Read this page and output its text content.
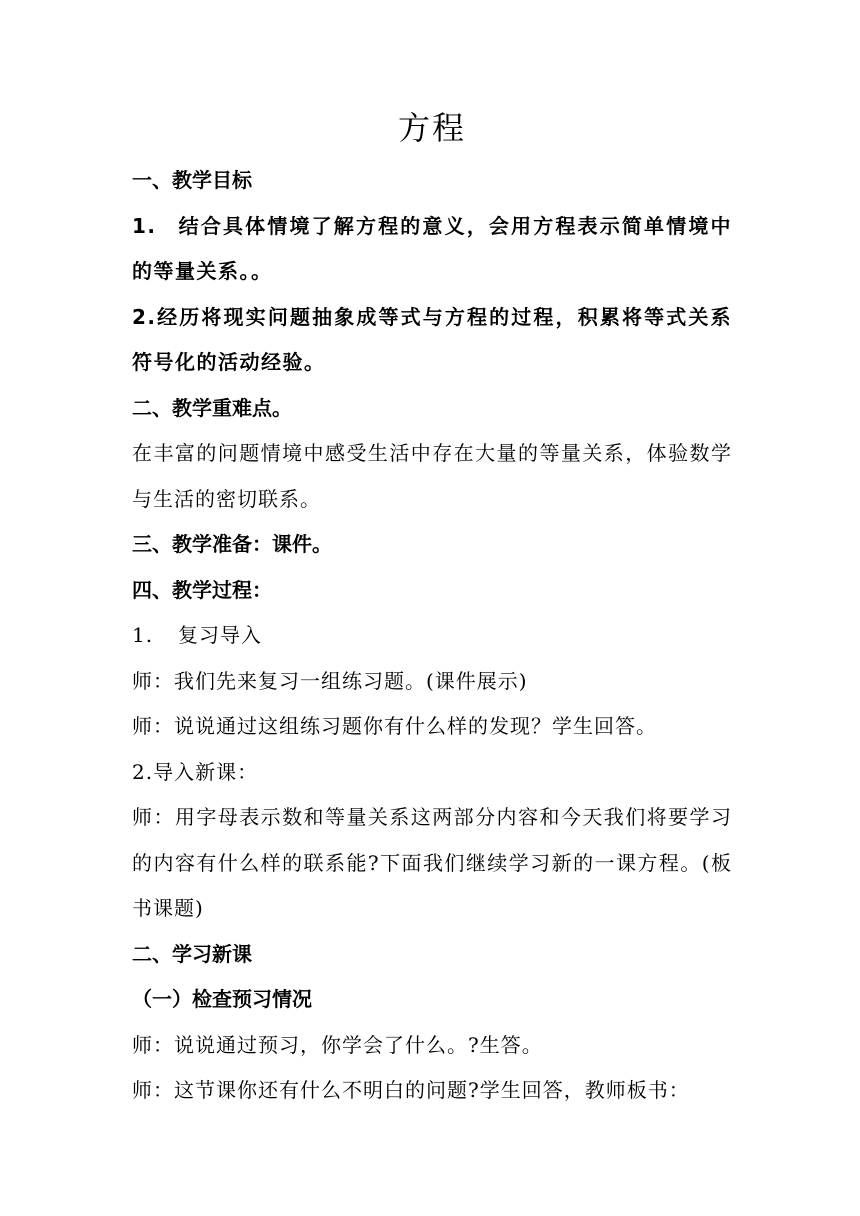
方程

一、教学目标

1. 结合具体情境了解方程的意义，会用方程表示简单情境中的等量关系。。

2.经历将现实问题抽象成等式与方程的过程，积累将等式关系符号化的活动经验。

二、教学重难点。

在丰富的问题情境中感受生活中存在大量的等量关系，体验数学与生活的密切联系。

三、教学准备：课件。

四、教学过程：

1. 复习导入

师：我们先来复习一组练习题。(课件展示)

师：说说通过这组练习题你有什么样的发现？学生回答。

2.导入新课：

师：用字母表示数和等量关系这两部分内容和今天我们将要学习的内容有什么样的联系能?下面我们继续学习新的一课方程。(板书课题)

二、学习新课

（一）检查预习情况

师：说说通过预习，你学会了什么。?生答。

师：这节课你还有什么不明白的问题?学生回答，教师板书：
